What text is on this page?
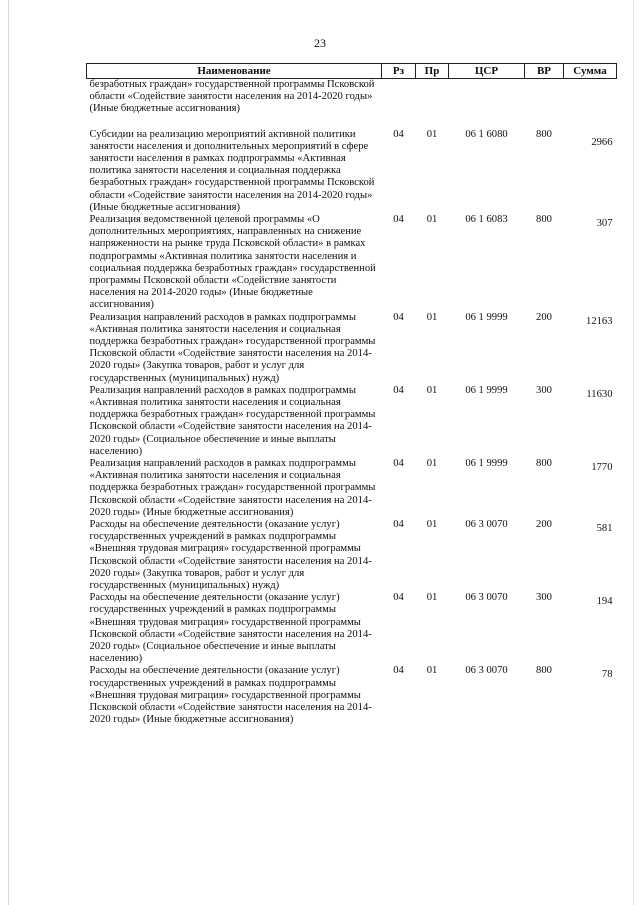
23
Наименование	Рз	Пр	ЦСР	ВР	Сумма
безработных граждан» государственной программы Псковской области «Содействие занятости населения на 2014-2020 годы» (Иные бюджетные ассигнования)					
Субсидии на реализацию мероприятий активной политики занятости населения и дополнительных мероприятий в сфере занятости населения в рамках подпрограммы «Активная политика занятости населения и социальная поддержка безработных граждан» государственной программы Псковской области «Содействие занятости населения на 2014-2020 годы» (Иные бюджетные ассигнования)	04	01	06 1 6080	800	2966
Реализация ведомственной целевой программы «О дополнительных мероприятиях, направленных на снижение напряженности на рынке труда Псковской области» в рамках подпрограммы «Активная политика занятости населения и социальная поддержка безработных граждан» государственной программы Псковской области «Содействие занятости населения на 2014-2020 годы» (Иные бюджетные ассигнования)	04	01	06 1 6083	800	307
Реализация направлений расходов в рамках подпрограммы «Активная политика занятости населения и социальная поддержка безработных граждан» государственной программы Псковской области «Содействие занятости населения на 2014-2020 годы» (Закупка товаров, работ и услуг для государственных (муниципальных) нужд)	04	01	06 1 9999	200	12163
Реализация направлений расходов в рамках подпрограммы «Активная политика занятости населения и социальная поддержка безработных граждан» государственной программы Псковской области «Содействие занятости населения на 2014-2020 годы» (Социальное обеспечение и иные выплаты населению)	04	01	06 1 9999	300	11630
Реализация направлений расходов в рамках подпрограммы «Активная политика занятости населения и социальная поддержка безработных граждан» государственной программы Псковской области «Содействие занятости населения на 2014-2020 годы» (Иные бюджетные ассигнования)	04	01	06 1 9999	800	1770
Расходы на обеспечение деятельности (оказание услуг) государственных учреждений в рамках подпрограммы «Внешняя трудовая миграция» государственной программы Псковской области «Содействие занятости населения на 2014-2020 годы» (Закупка товаров, работ и услуг для государственных (муниципальных) нужд)	04	01	06 3 0070	200	581
Расходы на обеспечение деятельности (оказание услуг) государственных учреждений в рамках подпрограммы «Внешняя трудовая миграция» государственной программы Псковской области «Содействие занятости населения на 2014-2020 годы» (Социальное обеспечение и иные выплаты населению)	04	01	06 3 0070	300	194
Расходы на обеспечение деятельности (оказание услуг) государственных учреждений в рамках подпрограммы «Внешняя трудовая миграция» государственной программы Псковской области «Содействие занятости населения на 2014-2020 годы» (Иные бюджетные ассигнования)	04	01	06 3 0070	800	78
